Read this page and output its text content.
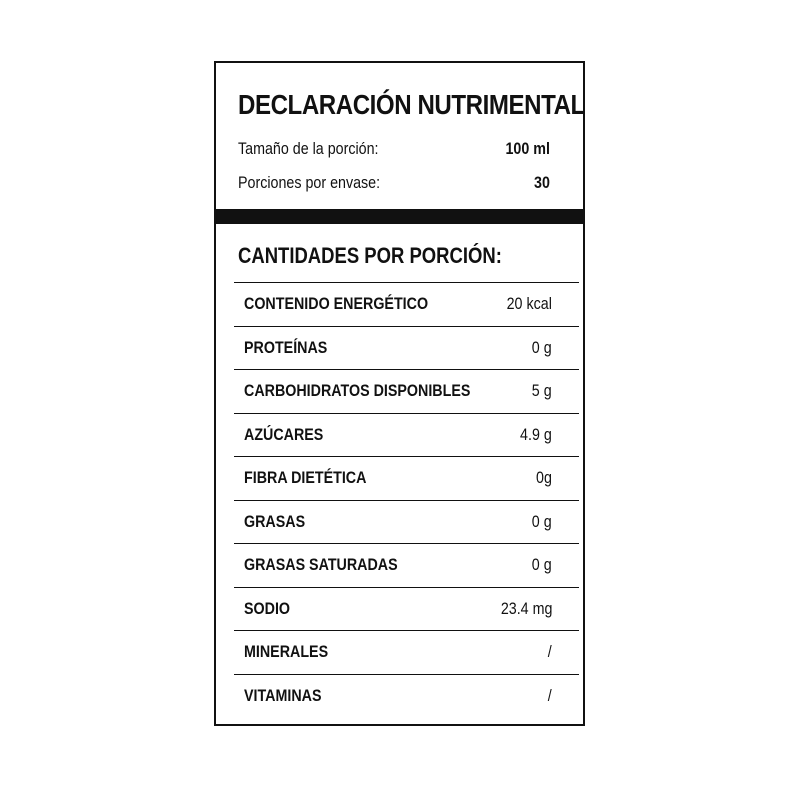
DECLARACIÓN NUTRIMENTAL
Tamaño de la porción:	100 ml
Porciones por envase:	30
CANTIDADES POR PORCIÓN:
CONTENIDO ENERGÉTICO	20 kcal
PROTEÍNAS	0 g
CARBOHIDRATOS DISPONIBLES	5 g
AZÚCARES	4.9 g
FIBRA DIETÉTICA	0g
GRASAS	0 g
GRASAS SATURADAS	0 g
SODIO	23.4 mg
MINERALES	/
VITAMINAS	/
